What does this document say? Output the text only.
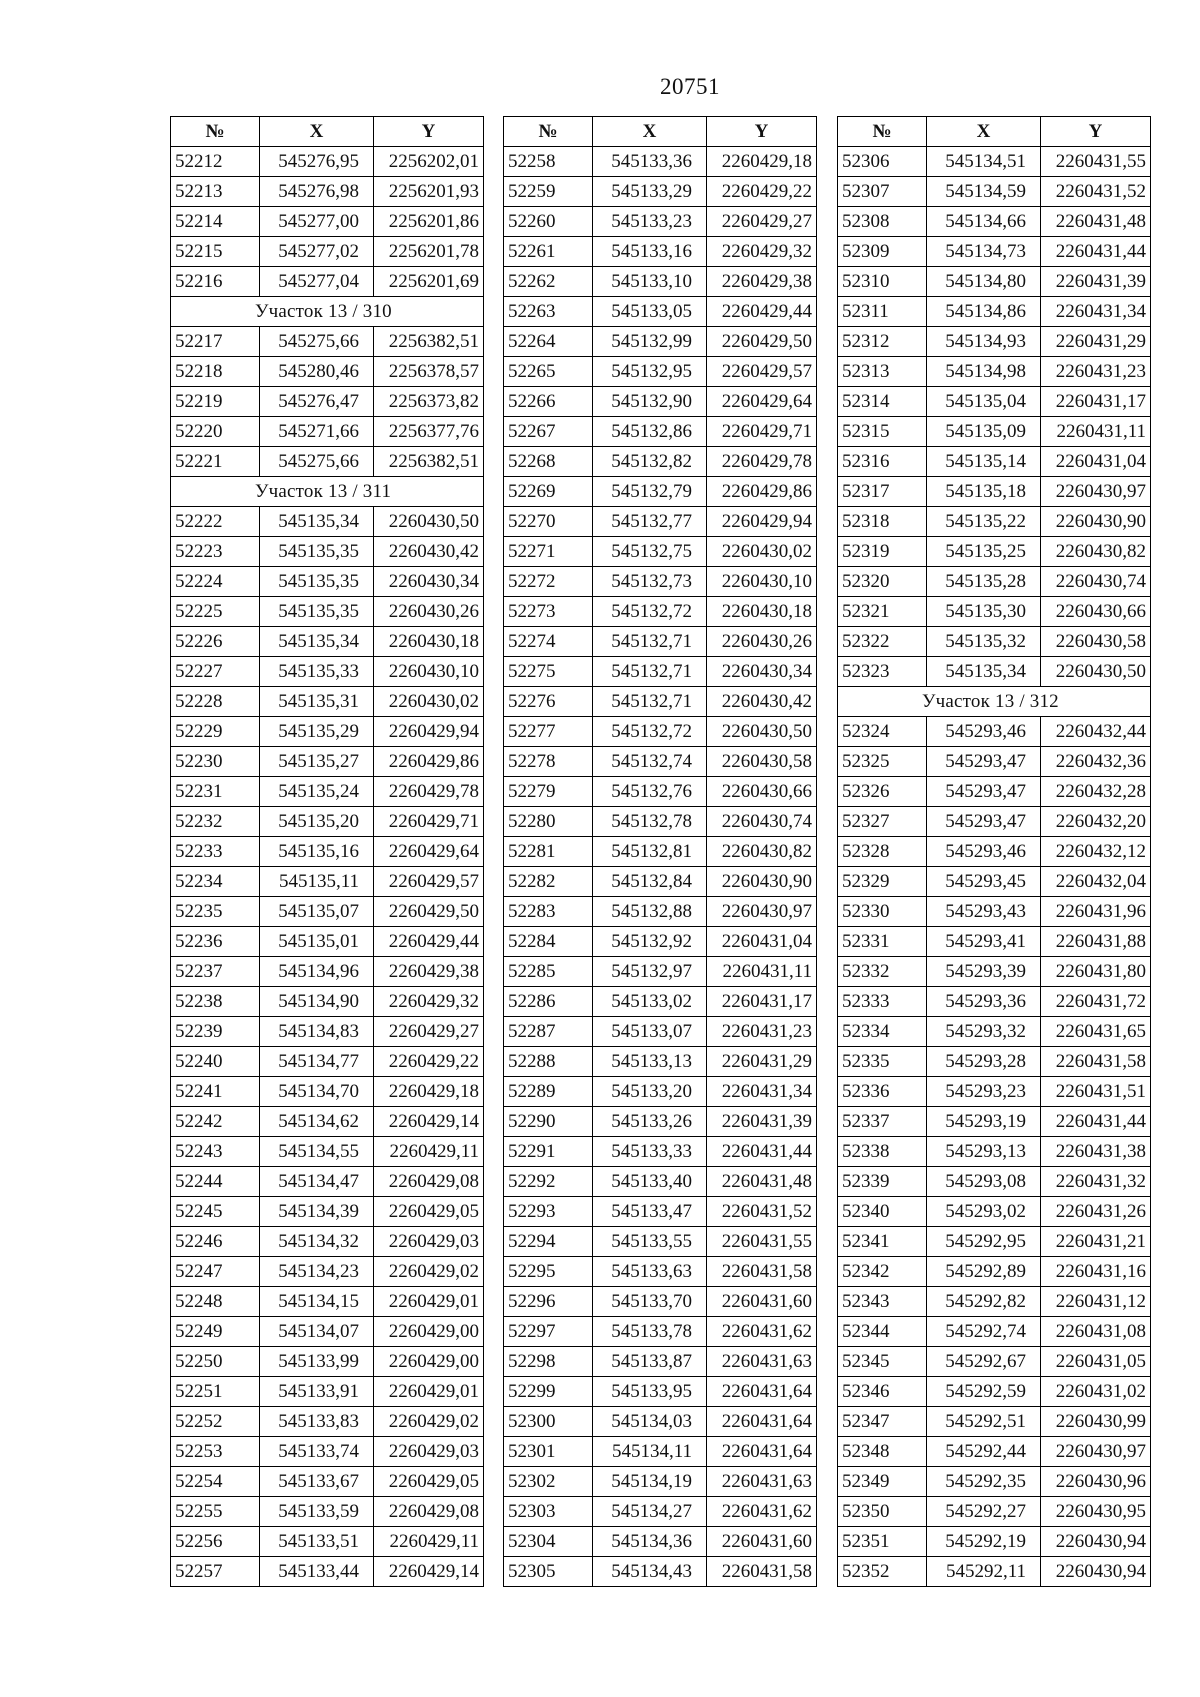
20751
№	X	Y
52212	545276,95	2256202,01
52213	545276,98	2256201,93
52214	545277,00	2256201,86
52215	545277,02	2256201,78
52216	545277,04	2256201,69
Участок 13 / 310		
52217	545275,66	2256382,51
52218	545280,46	2256378,57
52219	545276,47	2256373,82
52220	545271,66	2256377,76
52221	545275,66	2256382,51
Участок 13 / 311		
52222	545135,34	2260430,50
52223	545135,35	2260430,42
52224	545135,35	2260430,34
52225	545135,35	2260430,26
52226	545135,34	2260430,18
52227	545135,33	2260430,10
52228	545135,31	2260430,02
52229	545135,29	2260429,94
52230	545135,27	2260429,86
52231	545135,24	2260429,78
52232	545135,20	2260429,71
52233	545135,16	2260429,64
52234	545135,11	2260429,57
52235	545135,07	2260429,50
52236	545135,01	2260429,44
52237	545134,96	2260429,38
52238	545134,90	2260429,32
52239	545134,83	2260429,27
52240	545134,77	2260429,22
52241	545134,70	2260429,18
52242	545134,62	2260429,14
52243	545134,55	2260429,11
52244	545134,47	2260429,08
52245	545134,39	2260429,05
52246	545134,32	2260429,03
52247	545134,23	2260429,02
52248	545134,15	2260429,01
52249	545134,07	2260429,00
52250	545133,99	2260429,00
52251	545133,91	2260429,01
52252	545133,83	2260429,02
52253	545133,74	2260429,03
52254	545133,67	2260429,05
52255	545133,59	2260429,08
52256	545133,51	2260429,11
52257	545133,44	2260429,14
№	X	Y
52258	545133,36	2260429,18
52259	545133,29	2260429,22
52260	545133,23	2260429,27
52261	545133,16	2260429,32
52262	545133,10	2260429,38
52263	545133,05	2260429,44
52264	545132,99	2260429,50
52265	545132,95	2260429,57
52266	545132,90	2260429,64
52267	545132,86	2260429,71
52268	545132,82	2260429,78
52269	545132,79	2260429,86
52270	545132,77	2260429,94
52271	545132,75	2260430,02
52272	545132,73	2260430,10
52273	545132,72	2260430,18
52274	545132,71	2260430,26
52275	545132,71	2260430,34
52276	545132,71	2260430,42
52277	545132,72	2260430,50
52278	545132,74	2260430,58
52279	545132,76	2260430,66
52280	545132,78	2260430,74
52281	545132,81	2260430,82
52282	545132,84	2260430,90
52283	545132,88	2260430,97
52284	545132,92	2260431,04
52285	545132,97	2260431,11
52286	545133,02	2260431,17
52287	545133,07	2260431,23
52288	545133,13	2260431,29
52289	545133,20	2260431,34
52290	545133,26	2260431,39
52291	545133,33	2260431,44
52292	545133,40	2260431,48
52293	545133,47	2260431,52
52294	545133,55	2260431,55
52295	545133,63	2260431,58
52296	545133,70	2260431,60
52297	545133,78	2260431,62
52298	545133,87	2260431,63
52299	545133,95	2260431,64
52300	545134,03	2260431,64
52301	545134,11	2260431,64
52302	545134,19	2260431,63
52303	545134,27	2260431,62
52304	545134,36	2260431,60
52305	545134,43	2260431,58
№	X	Y
52306	545134,51	2260431,55
52307	545134,59	2260431,52
52308	545134,66	2260431,48
52309	545134,73	2260431,44
52310	545134,80	2260431,39
52311	545134,86	2260431,34
52312	545134,93	2260431,29
52313	545134,98	2260431,23
52314	545135,04	2260431,17
52315	545135,09	2260431,11
52316	545135,14	2260431,04
52317	545135,18	2260430,97
52318	545135,22	2260430,90
52319	545135,25	2260430,82
52320	545135,28	2260430,74
52321	545135,30	2260430,66
52322	545135,32	2260430,58
52323	545135,34	2260430,50
Участок 13 / 312		
52324	545293,46	2260432,44
52325	545293,47	2260432,36
52326	545293,47	2260432,28
52327	545293,47	2260432,20
52328	545293,46	2260432,12
52329	545293,45	2260432,04
52330	545293,43	2260431,96
52331	545293,41	2260431,88
52332	545293,39	2260431,80
52333	545293,36	2260431,72
52334	545293,32	2260431,65
52335	545293,28	2260431,58
52336	545293,23	2260431,51
52337	545293,19	2260431,44
52338	545293,13	2260431,38
52339	545293,08	2260431,32
52340	545293,02	2260431,26
52341	545292,95	2260431,21
52342	545292,89	2260431,16
52343	545292,82	2260431,12
52344	545292,74	2260431,08
52345	545292,67	2260431,05
52346	545292,59	2260431,02
52347	545292,51	2260430,99
52348	545292,44	2260430,97
52349	545292,35	2260430,96
52350	545292,27	2260430,95
52351	545292,19	2260430,94
52352	545292,11	2260430,94
